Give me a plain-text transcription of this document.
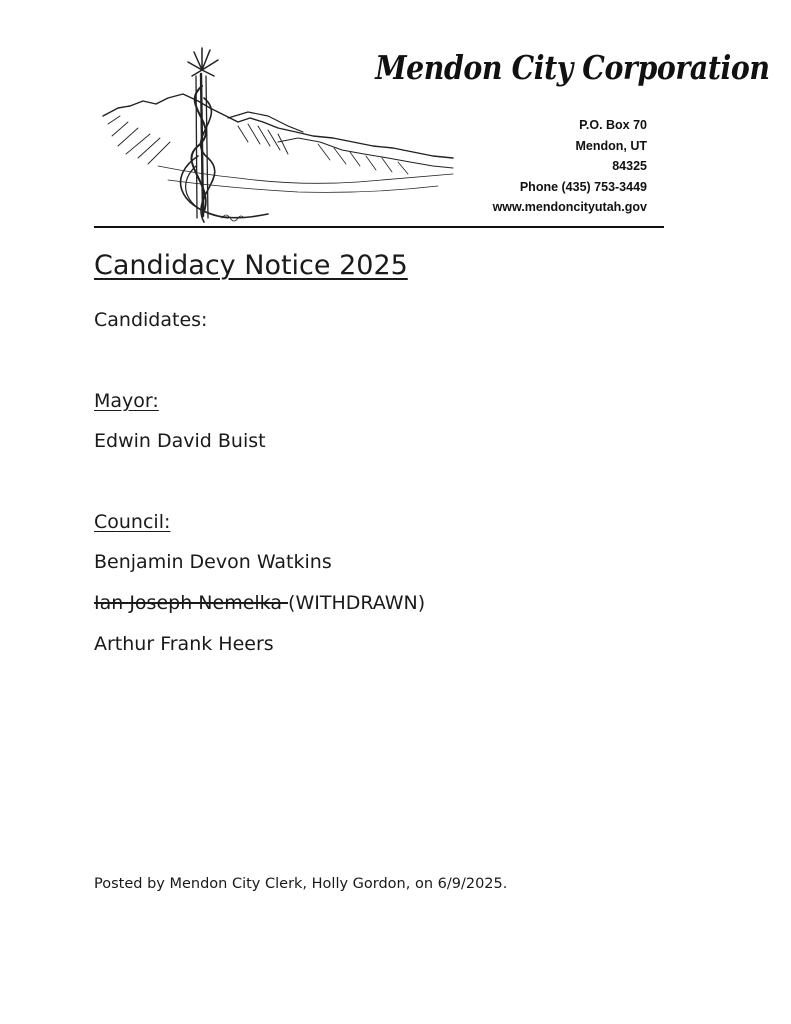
Mendon City Corporation
P.O. Box 70
Mendon, UT
84325
Phone (435) 753-3449
www.mendoncityutah.gov
Candidacy Notice 2025
Candidates:
Mayor:
Edwin David Buist
Council:
Benjamin Devon Watkins
Ian Joseph Nemelka (WITHDRAWN)
Arthur Frank Heers
Posted by Mendon City Clerk, Holly Gordon, on 6/9/2025.
